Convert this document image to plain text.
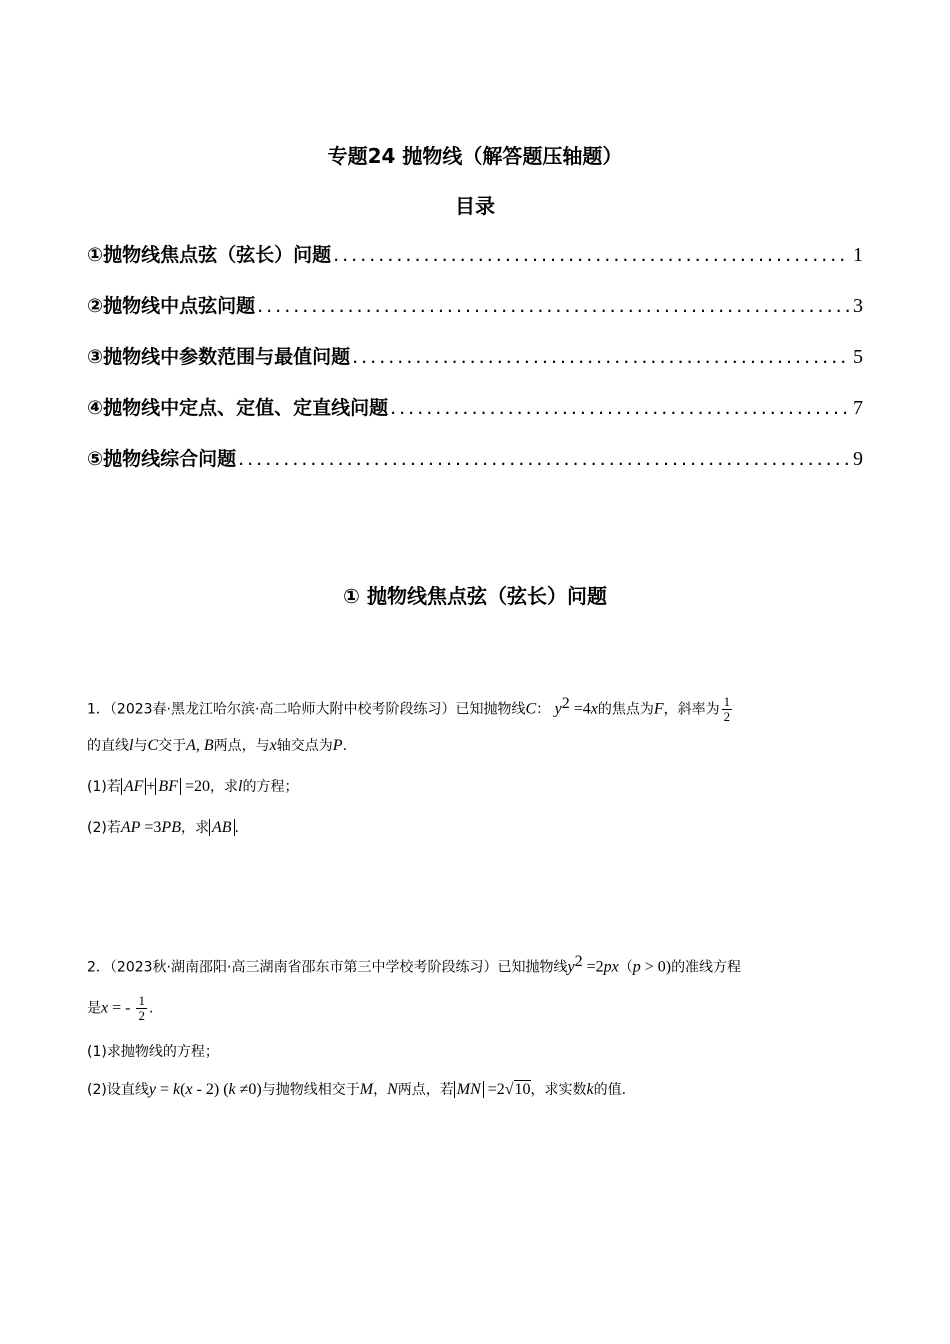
专题24 抛物线（解答题压轴题）
目录
①抛物线焦点弦（弦长）问题 .....	1
②抛物线中点弦问题 .....	3
③抛物线中参数范围与最值问题 .....	5
④抛物线中定点、定值、定直线问题 .....	7
⑤抛物线综合问题 .....	9
① 抛物线焦点弦（弦长）问题
1．（2023春·黑龙江哈尔滨·高二哈师大附中校考阶段练习）已知抛物线C： $y^2 =4x$的焦点为F，斜率为 $\frac{1}{2}$
的直线l与C交于A, B两点，与x轴交点为P.
(1)若 AF + BF =20，求l的方程；
(2)若AP =3PB，求 AB .
2．（2023秋·湖南邵阳·高三湖南省邵东市第三中学校考阶段练习）已知抛物线$y^2 =2px(p > 0)$的准线方程
是x = - $\frac{1}{2}$ .
(1)求抛物线的方程；
(2)设直线y = k(x - 2) (k ≠0)与抛物线相交于M，N两点，若 MN =2√10，求实数k的值.
